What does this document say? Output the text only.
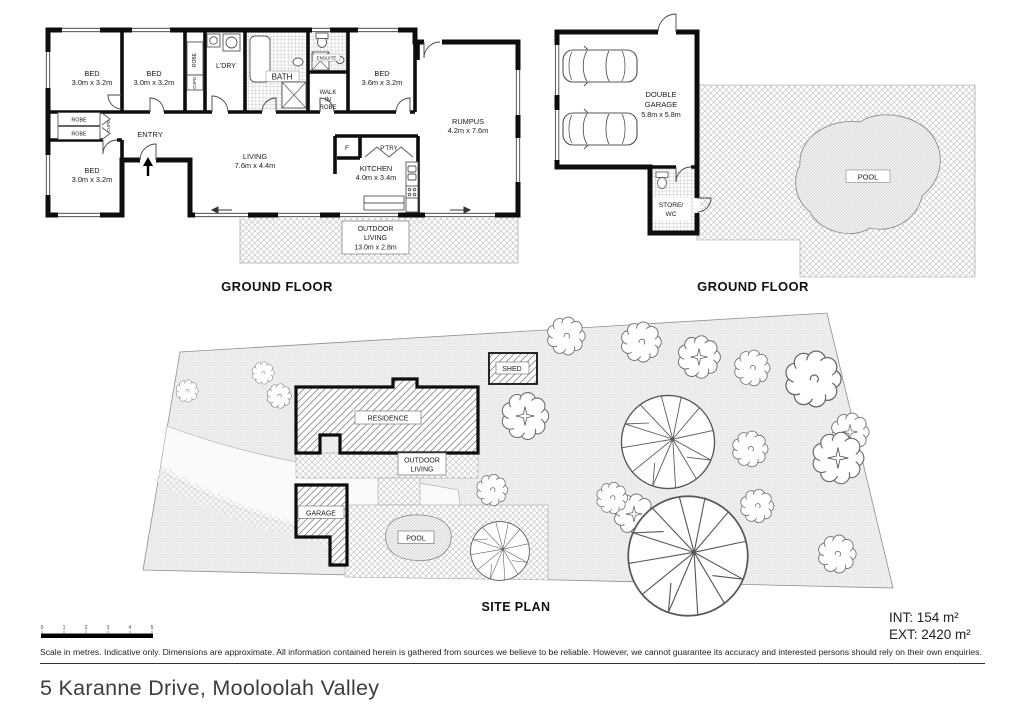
BED
3.0m x 3.2m
BED
3.0m x 3.2m
BED
3.0m x 3.2m
BED
3.6m x 3.2m
L'DRY
BATH
ENSUITE
WALK
IN
ROBE
ENTRY
LIVING
7.6m x 4.4m	KITCHEN
4.0m x 3.4m
RUMPUS
4.2m x 7.6m
F	P'TRY
ROBE
ROBE
ROBE
CUPD
CUPD
OUTDOOR
LIVING
13.0m x 2.8m
POOL
DOUBLE
GARAGE
5.8m x 5.8m
STORE/
WC
RESIDENCE
OUTDOOR
LIVING
GARAGE
POOL
SHED
0	1	2	3	4	5
GROUND FLOOR	GROUND FLOOR
SITE PLAN
INT: 154 m²
EXT: 2420 m²
Scale in metres. Indicative only. Dimensions are approximate. All information contained herein is gathered from sources we believe to be reliable. However, we cannot guarantee its accuracy and interested persons should rely on their own enquiries.
5 Karanne Drive, Mooloolah Valley
